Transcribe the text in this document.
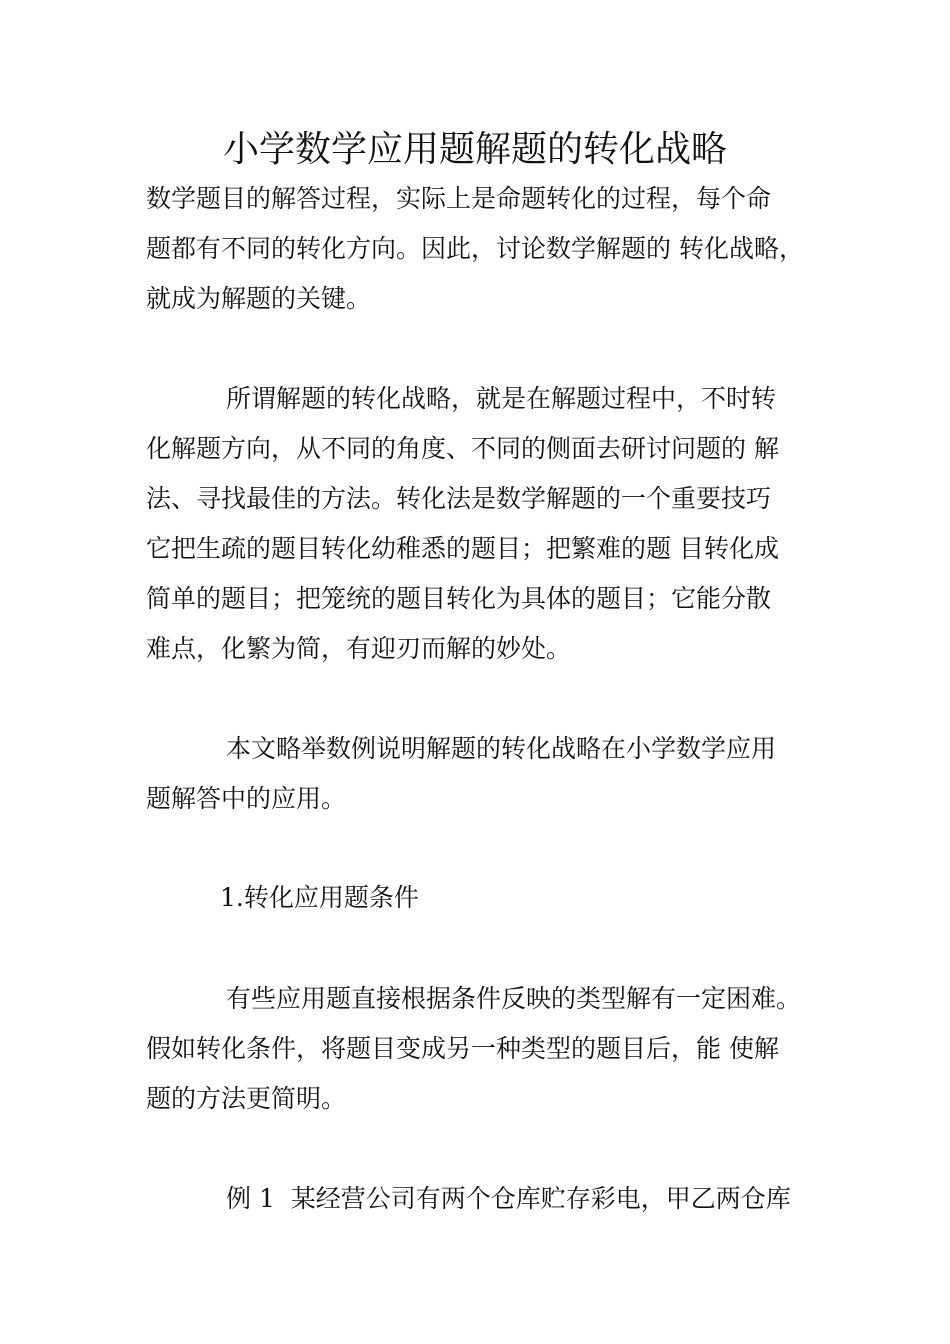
小学数学应用题解题的转化战略
数学题目的解答过程，实际上是命题转化的过程，每个命
题都有不同的转化方向。因此，讨论数学解题的 转化战略，
就成为解题的关键。
所谓解题的转化战略，就是在解题过程中，不时转
化解题方向，从不同的角度、不同的侧面去研讨问题的 解
法、寻找最佳的方法。转化法是数学解题的一个重要技巧
它把生疏的题目转化幼稚悉的题目；把繁难的题 目转化成
简单的题目；把笼统的题目转化为具体的题目；它能分散
难点，化繁为简，有迎刃而解的妙处。
本文略举数例说明解题的转化战略在小学数学应用
题解答中的应用。
1.转化应用题条件
有些应用题直接根据条件反映的类型解有一定困难。
假如转化条件，将题目变成另一种类型的题目后，能 使解
题的方法更简明。
例 1  某经营公司有两个仓库贮存彩电，甲乙两仓库
